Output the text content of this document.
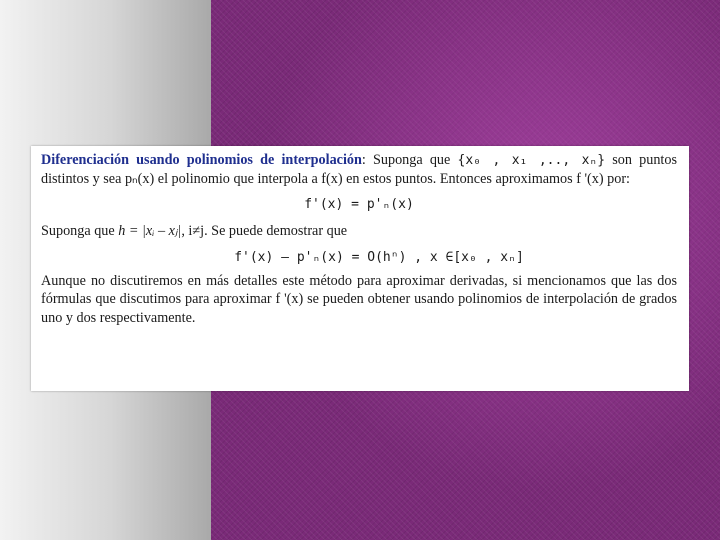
Diferenciación usando polinomios de interpolación: Suponga que {x₀ , x₁ ,.., xₙ} son puntos distintos y sea pₙ(x) el polinomio que interpola a f(x) en estos puntos. Entonces aproximamos f '(x) por:

f'(x) = p'ₙ(x)

Suponga que h = |xᵢ – xⱼ|, i≠j. Se puede demostrar que

f'(x) – p'ₙ(x) = O(hⁿ) , x ∈[x₀ , xₙ]

Aunque no discutiremos en más detalles este método para aproximar derivadas, si mencionamos que las dos fórmulas que discutimos para aproximar f '(x) se pueden obtener usando polinomios de interpolación de grados uno y dos respectivamente.
